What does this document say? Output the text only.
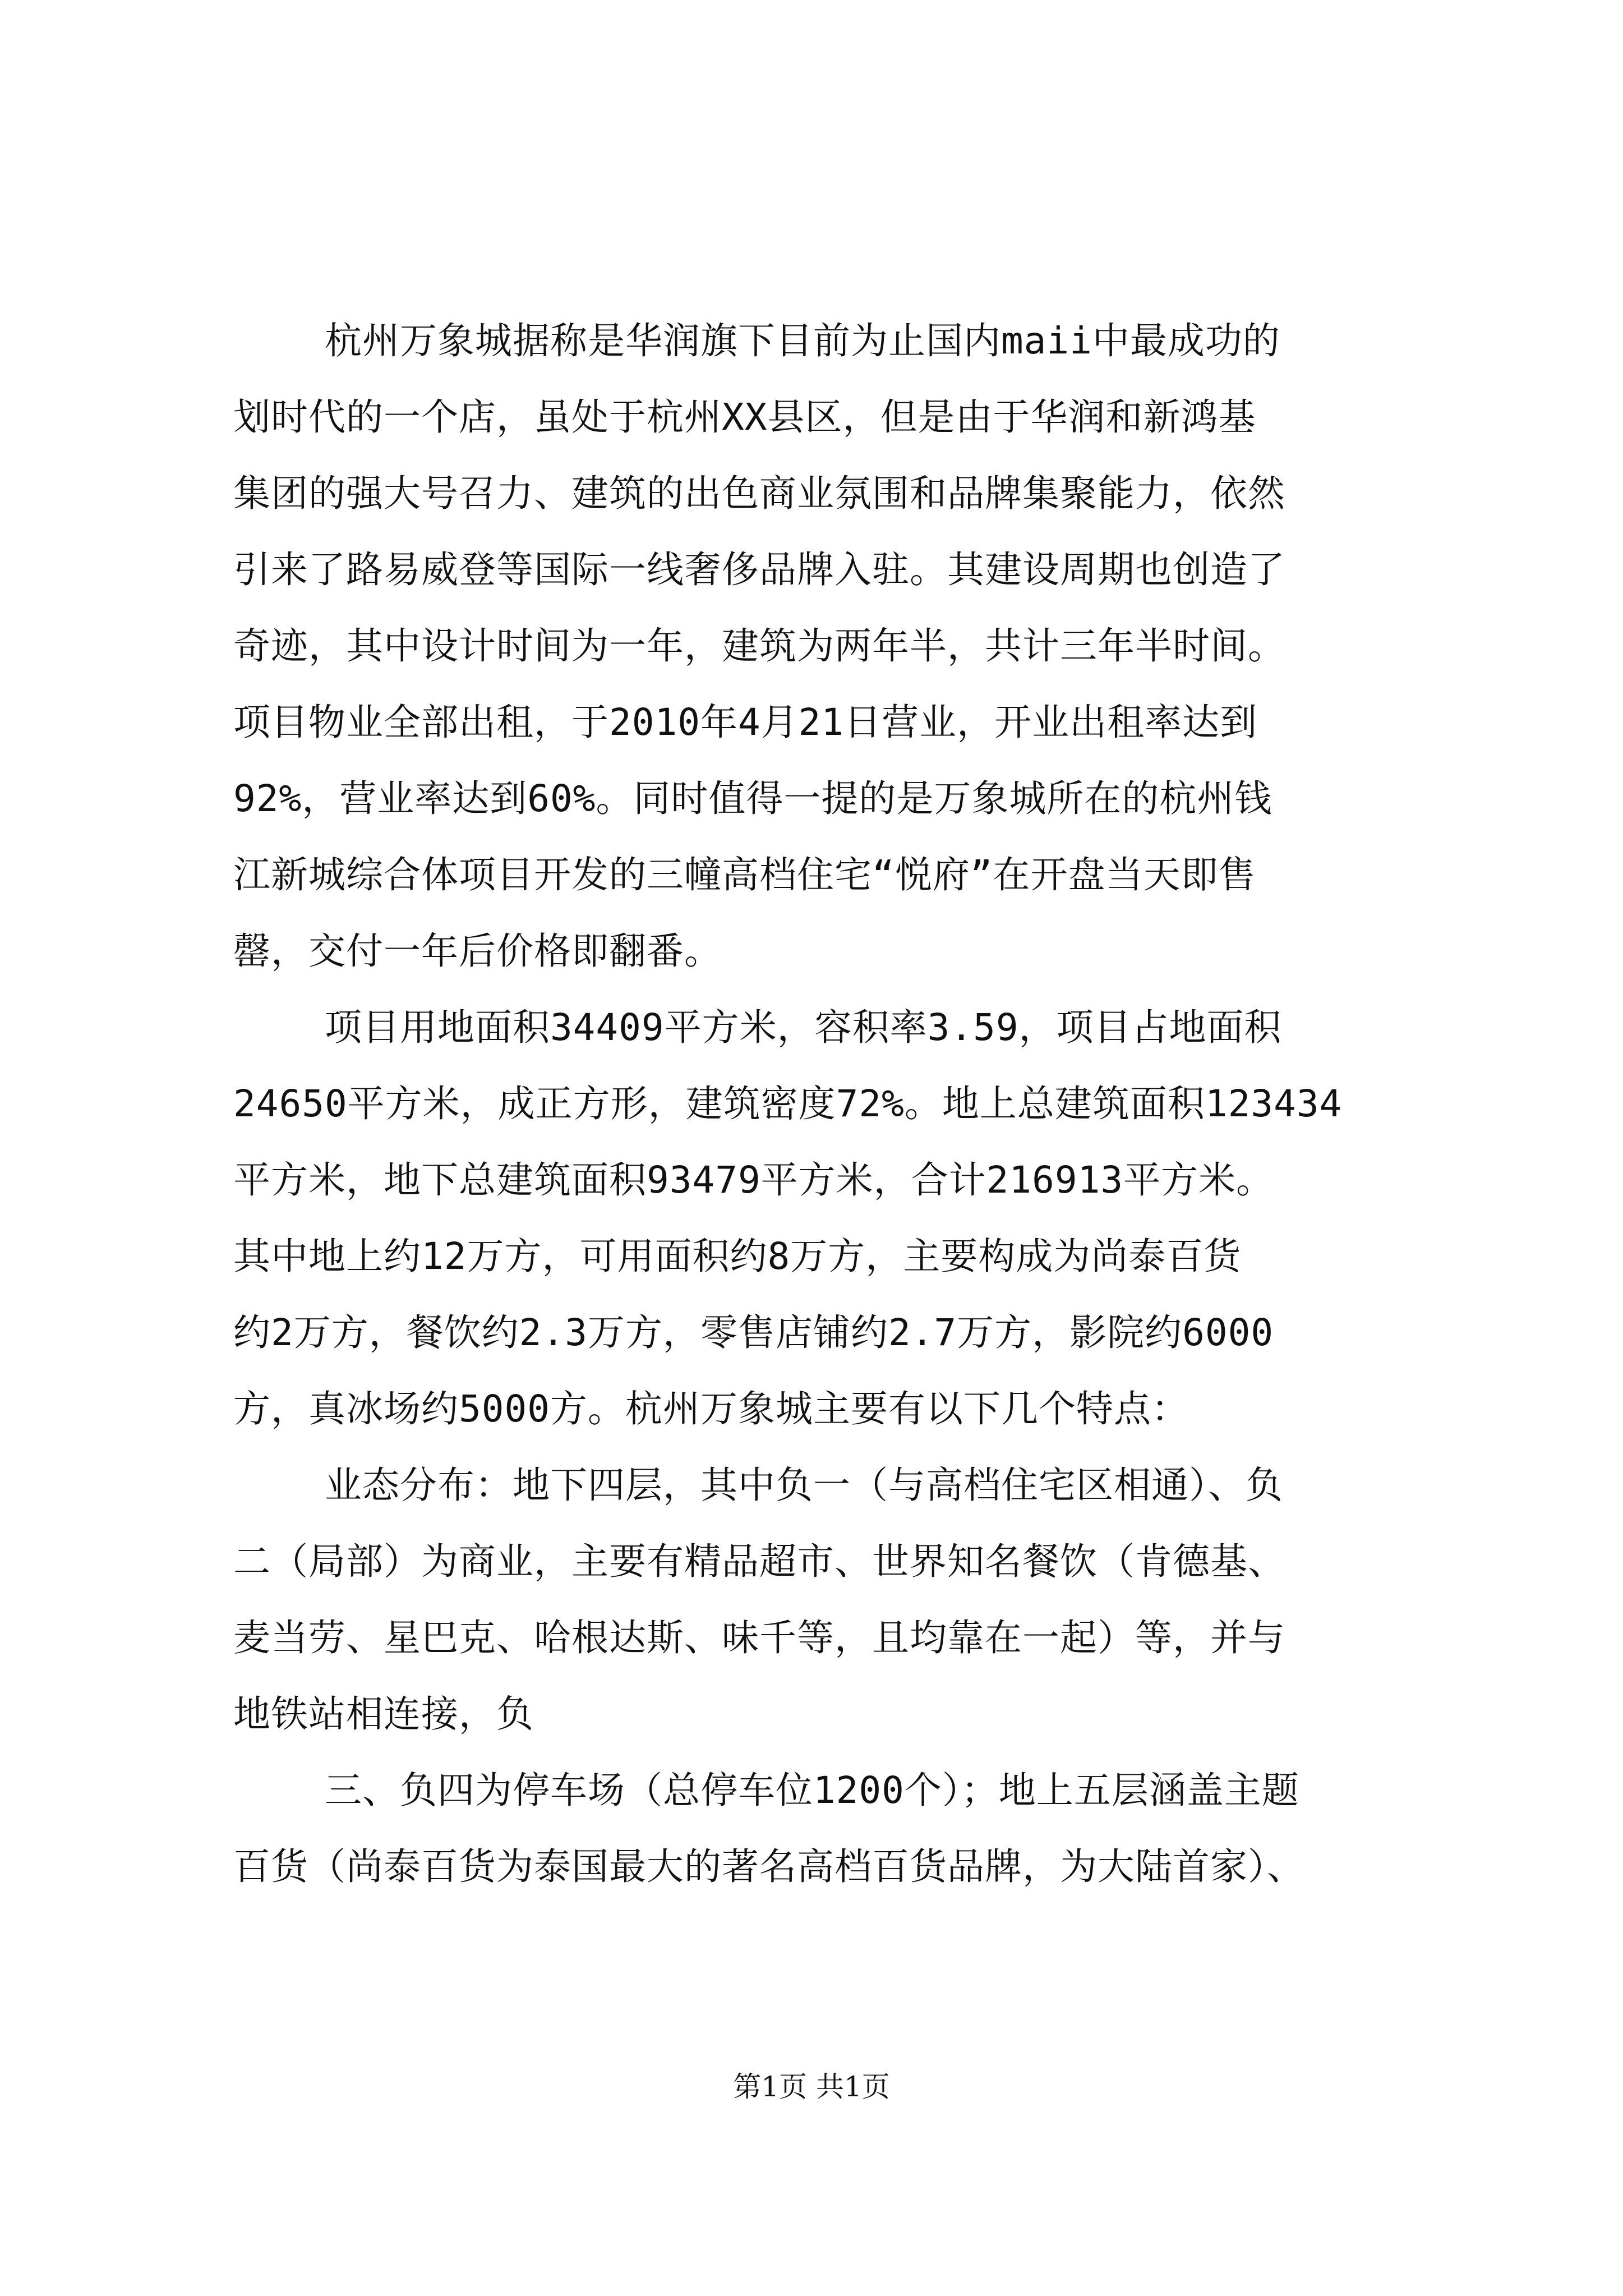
杭州万象城据称是华润旗下目前为止国内maii中最成功的
划时代的一个店，虽处于杭州XX县区，但是由于华润和新鸿基
集团的强大号召力、建筑的出色商业氛围和品牌集聚能力，依然
引来了路易威登等国际一线奢侈品牌入驻。其建设周期也创造了
奇迹，其中设计时间为一年，建筑为两年半，共计三年半时间。
项目物业全部出租，于2010年4月21日营业，开业出租率达到
92%，营业率达到60%。同时值得一提的是万象城所在的杭州钱
江新城综合体项目开发的三幢高档住宅“悦府”在开盘当天即售
罄，交付一年后价格即翻番。
项目用地面积34409平方米，容积率3.59，项目占地面积
24650平方米，成正方形，建筑密度72%。地上总建筑面积123434
平方米，地下总建筑面积93479平方米，合计216913平方米。
其中地上约12万方，可用面积约8万方，主要构成为尚泰百货
约2万方，餐饮约2.3万方，零售店铺约2.7万方，影院约6000
方，真冰场约5000方。杭州万象城主要有以下几个特点：
业态分布：地下四层，其中负一（与高档住宅区相通）、负
二（局部）为商业，主要有精品超市、世界知名餐饮（肯德基、
麦当劳、星巴克、哈根达斯、味千等，且均靠在一起）等，并与
地铁站相连接，负
三、负四为停车场（总停车位1200个）；地上五层涵盖主题
百货（尚泰百货为泰国最大的著名高档百货品牌，为大陆首家）、
第1页 共1页
